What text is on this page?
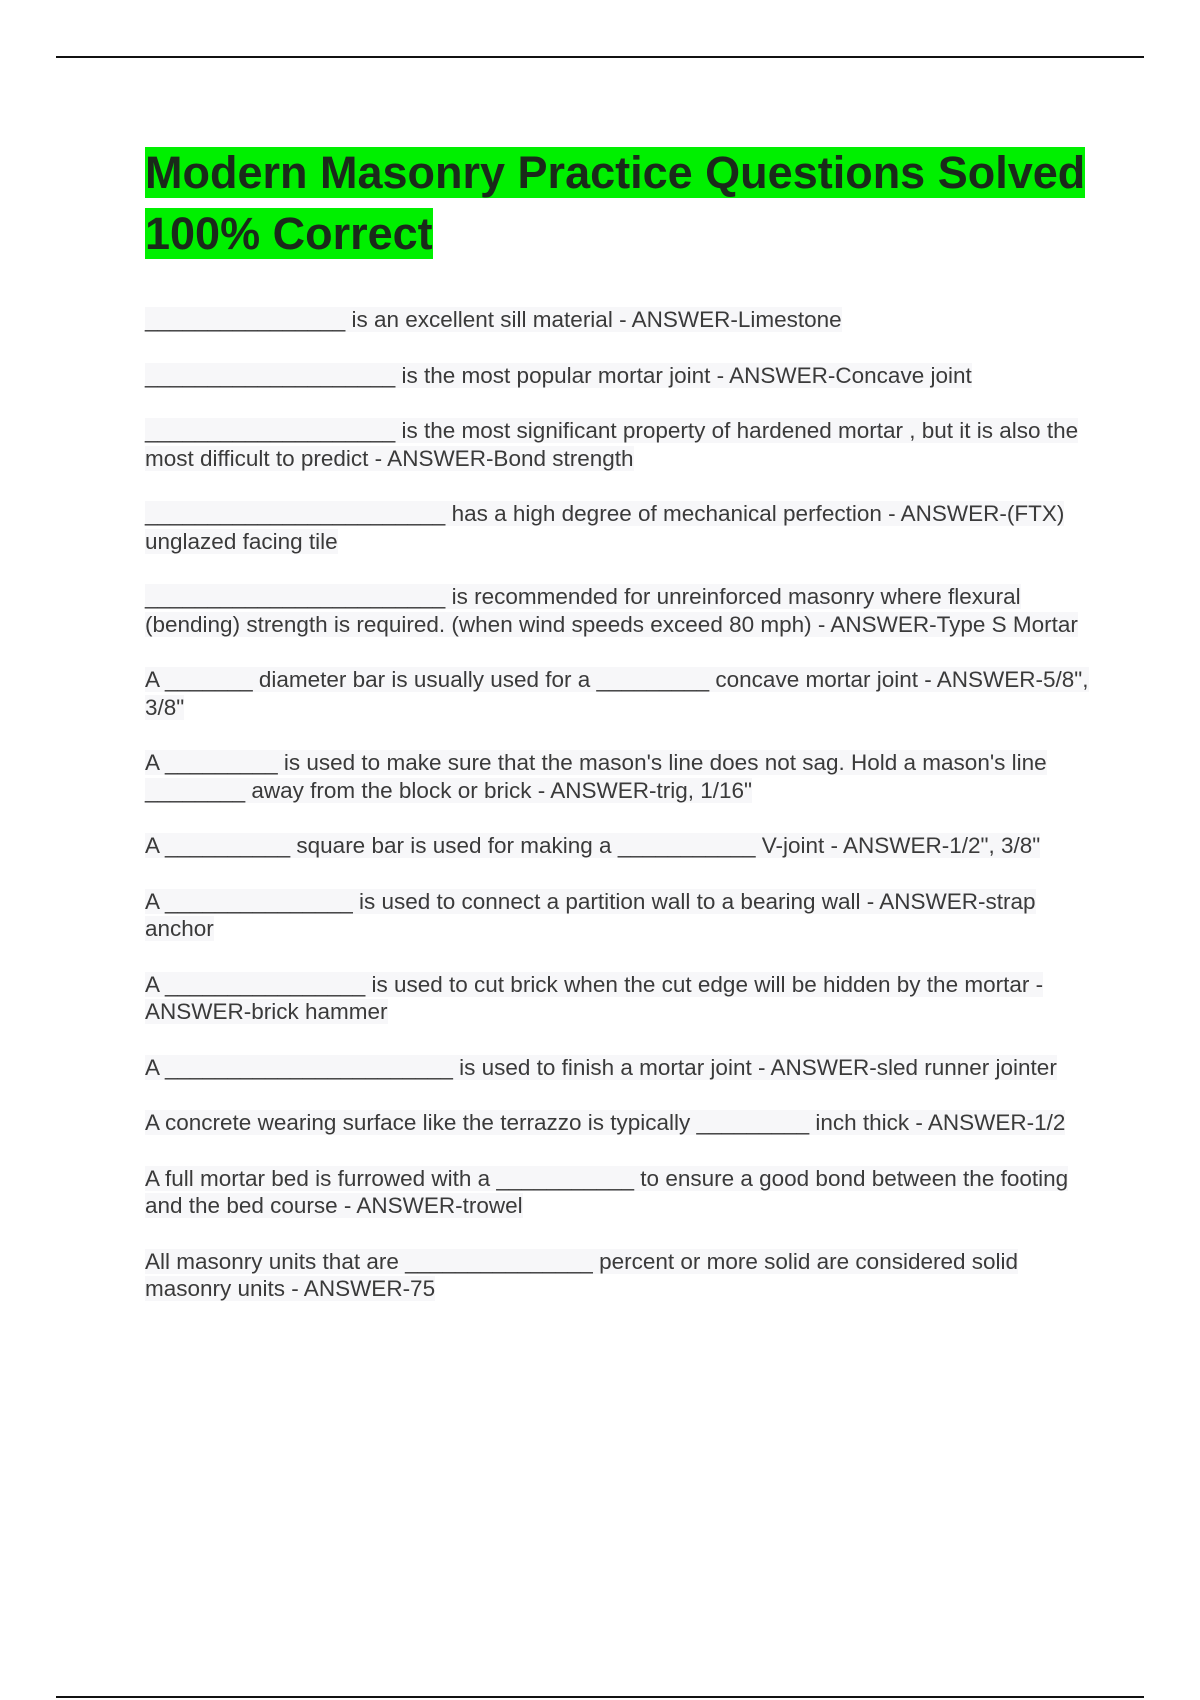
Modern Masonry Practice Questions Solved 100% Correct

________________ is an excellent sill material - ANSWER-Limestone

____________________ is the most popular mortar joint - ANSWER-Concave joint

____________________ is the most significant property of hardened mortar , but it is also the most difficult to predict - ANSWER-Bond strength

________________________ has a high degree of mechanical perfection - ANSWER-(FTX) unglazed facing tile

________________________ is recommended for unreinforced masonry where flexural (bending) strength is required. (when wind speeds exceed 80 mph) - ANSWER-Type S Mortar

A _______ diameter bar is usually used for a _________ concave mortar joint - ANSWER-5/8", 3/8"

A _________ is used to make sure that the mason's line does not sag. Hold a mason's line ________ away from the block or brick - ANSWER-trig, 1/16"

A __________ square bar is used for making a ___________ V-joint - ANSWER-1/2", 3/8"

A _______________ is used to connect a partition wall to a bearing wall - ANSWER-strap anchor

A ________________ is used to cut brick when the cut edge will be hidden by the mortar - ANSWER-brick hammer

A _______________________ is used to finish a mortar joint - ANSWER-sled runner jointer

A concrete wearing surface like the terrazzo is typically _________ inch thick - ANSWER-1/2

A full mortar bed is furrowed with a ___________ to ensure a good bond between the footing and the bed course - ANSWER-trowel

All masonry units that are _______________ percent or more solid are considered solid masonry units - ANSWER-75
